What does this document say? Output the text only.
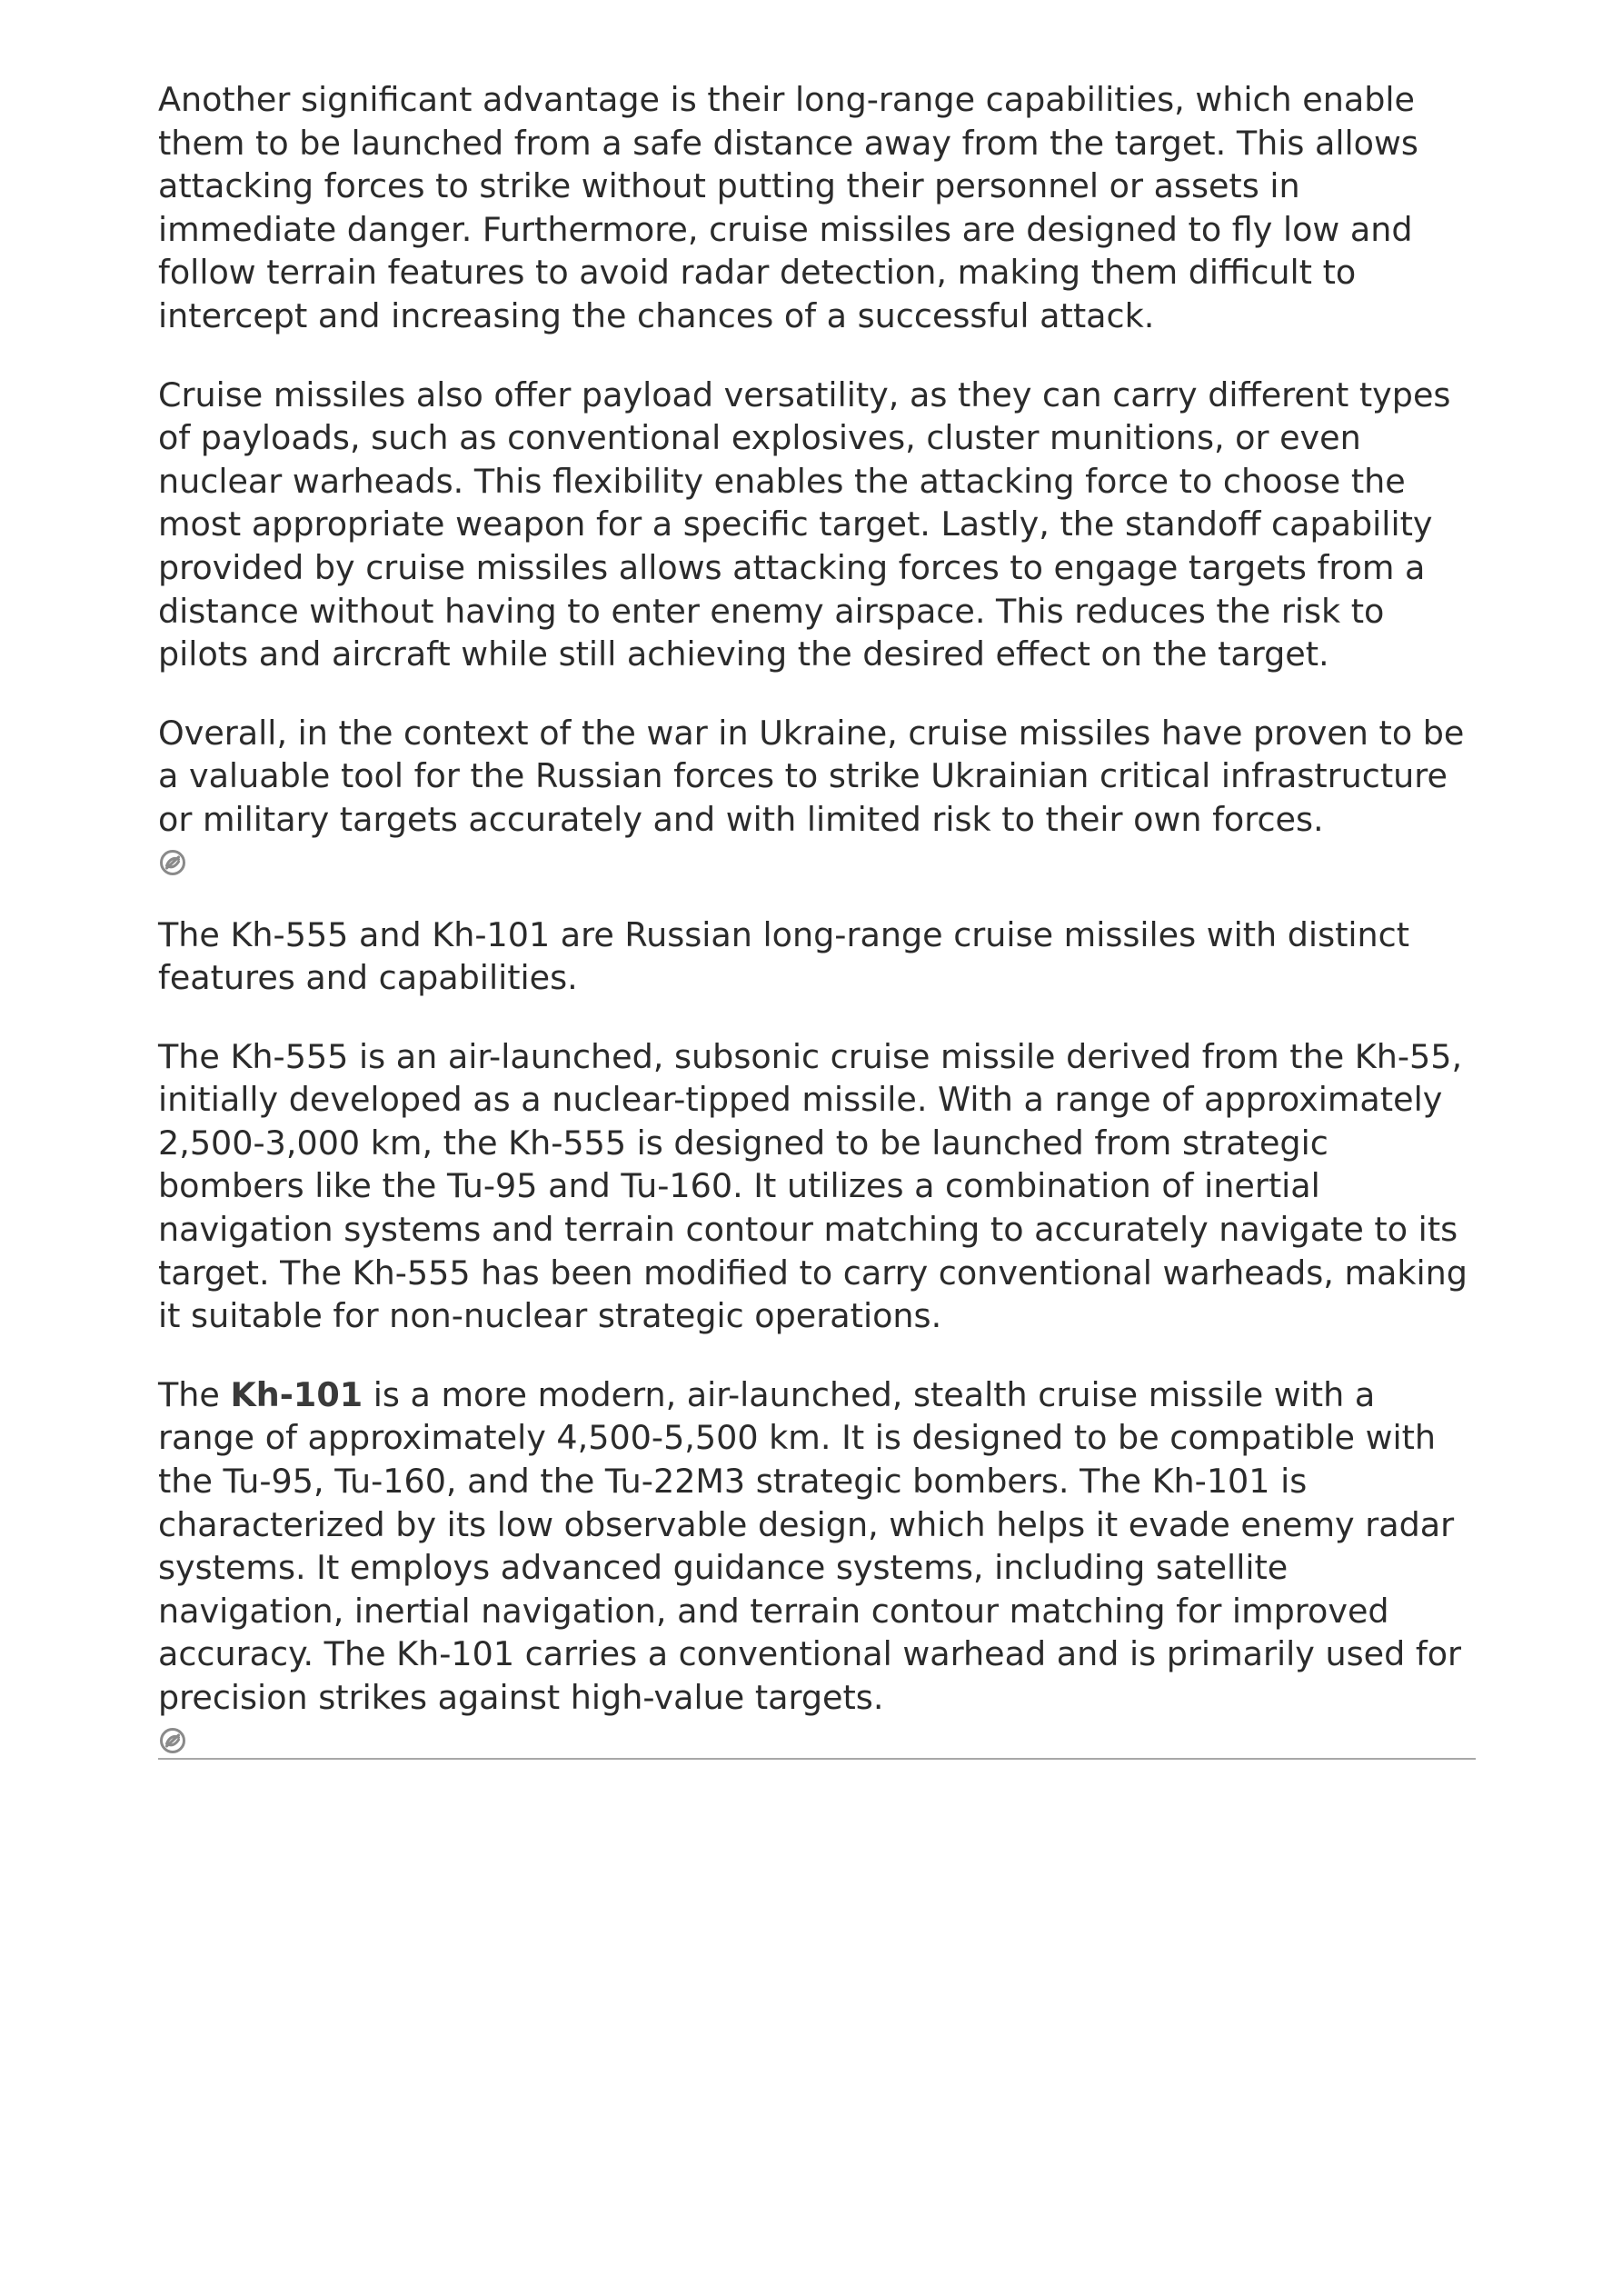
Another significant advantage is their long-range capabilities, which enable them to be launched from a safe distance away from the target. This allows attacking forces to strike without putting their personnel or assets in immediate danger. Furthermore, cruise missiles are designed to fly low and follow terrain features to avoid radar detection, making them difficult to intercept and increasing the chances of a successful attack.

Cruise missiles also offer payload versatility, as they can carry different types of payloads, such as conventional explosives, cluster munitions, or even nuclear warheads. This flexibility enables the attacking force to choose the most appropriate weapon for a specific target. Lastly, the standoff capability provided by cruise missiles allows attacking forces to engage targets from a distance without having to enter enemy airspace. This reduces the risk to pilots and aircraft while still achieving the desired effect on the target.

Overall, in the context of the war in Ukraine, cruise missiles have proven to be a valuable tool for the Russian forces to strike Ukrainian critical infrastructure or military targets accurately and with limited risk to their own forces.

The Kh-555 and Kh-101 are Russian long-range cruise missiles with distinct features and capabilities.

The Kh-555 is an air-launched, subsonic cruise missile derived from the Kh-55, initially developed as a nuclear-tipped missile. With a range of approximately 2,500-3,000 km, the Kh-555 is designed to be launched from strategic bombers like the Tu-95 and Tu-160. It utilizes a combination of inertial navigation systems and terrain contour matching to accurately navigate to its target. The Kh-555 has been modified to carry conventional warheads, making it suitable for non-nuclear strategic operations.

The Kh-101 is a more modern, air-launched, stealth cruise missile with a range of approximately 4,500-5,500 km. It is designed to be compatible with the Tu-95, Tu-160, and the Tu-22M3 strategic bombers. The Kh-101 is characterized by its low observable design, which helps it evade enemy radar systems. It employs advanced guidance systems, including satellite navigation, inertial navigation, and terrain contour matching for improved accuracy. The Kh-101 carries a conventional warhead and is primarily used for precision strikes against high-value targets.
